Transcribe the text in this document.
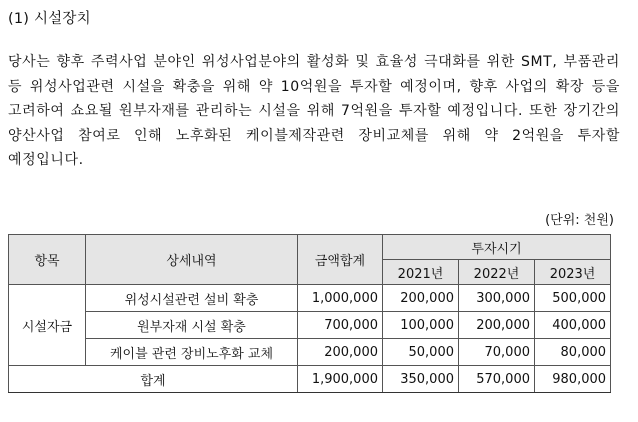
(1) 시설장치
당사는 향후 주력사업 분야인 위성사업분야의 활성화 및 효율성 극대화를 위한 SMT, 부품관리 등 위성사업관련 시설을 확충을 위해 약 10억원을 투자할 예정이며, 향후 사업의 확장 등을 고려하여 쇼요될 원부자재를 관리하는 시설을 위해 7억원을 투자할 예정입니다. 또한 장기간의 양산사업 참여로 인해 노후화된 케이블제작관련 장비교체를 위해 약 2억원을 투자할 예정입니다.
(단위: 천원)
항목	상세내역	금액합계	투자시기		
			2021년	2022년	2023년
시설자금	위성시설관련 설비 확충	1,000,000	200,000	300,000	500,000
	원부자재 시설 확충	700,000	100,000	200,000	400,000
	케이블 관련 장비노후화 교체	200,000	50,000	70,000	80,000
합계		1,900,000	350,000	570,000	980,000
